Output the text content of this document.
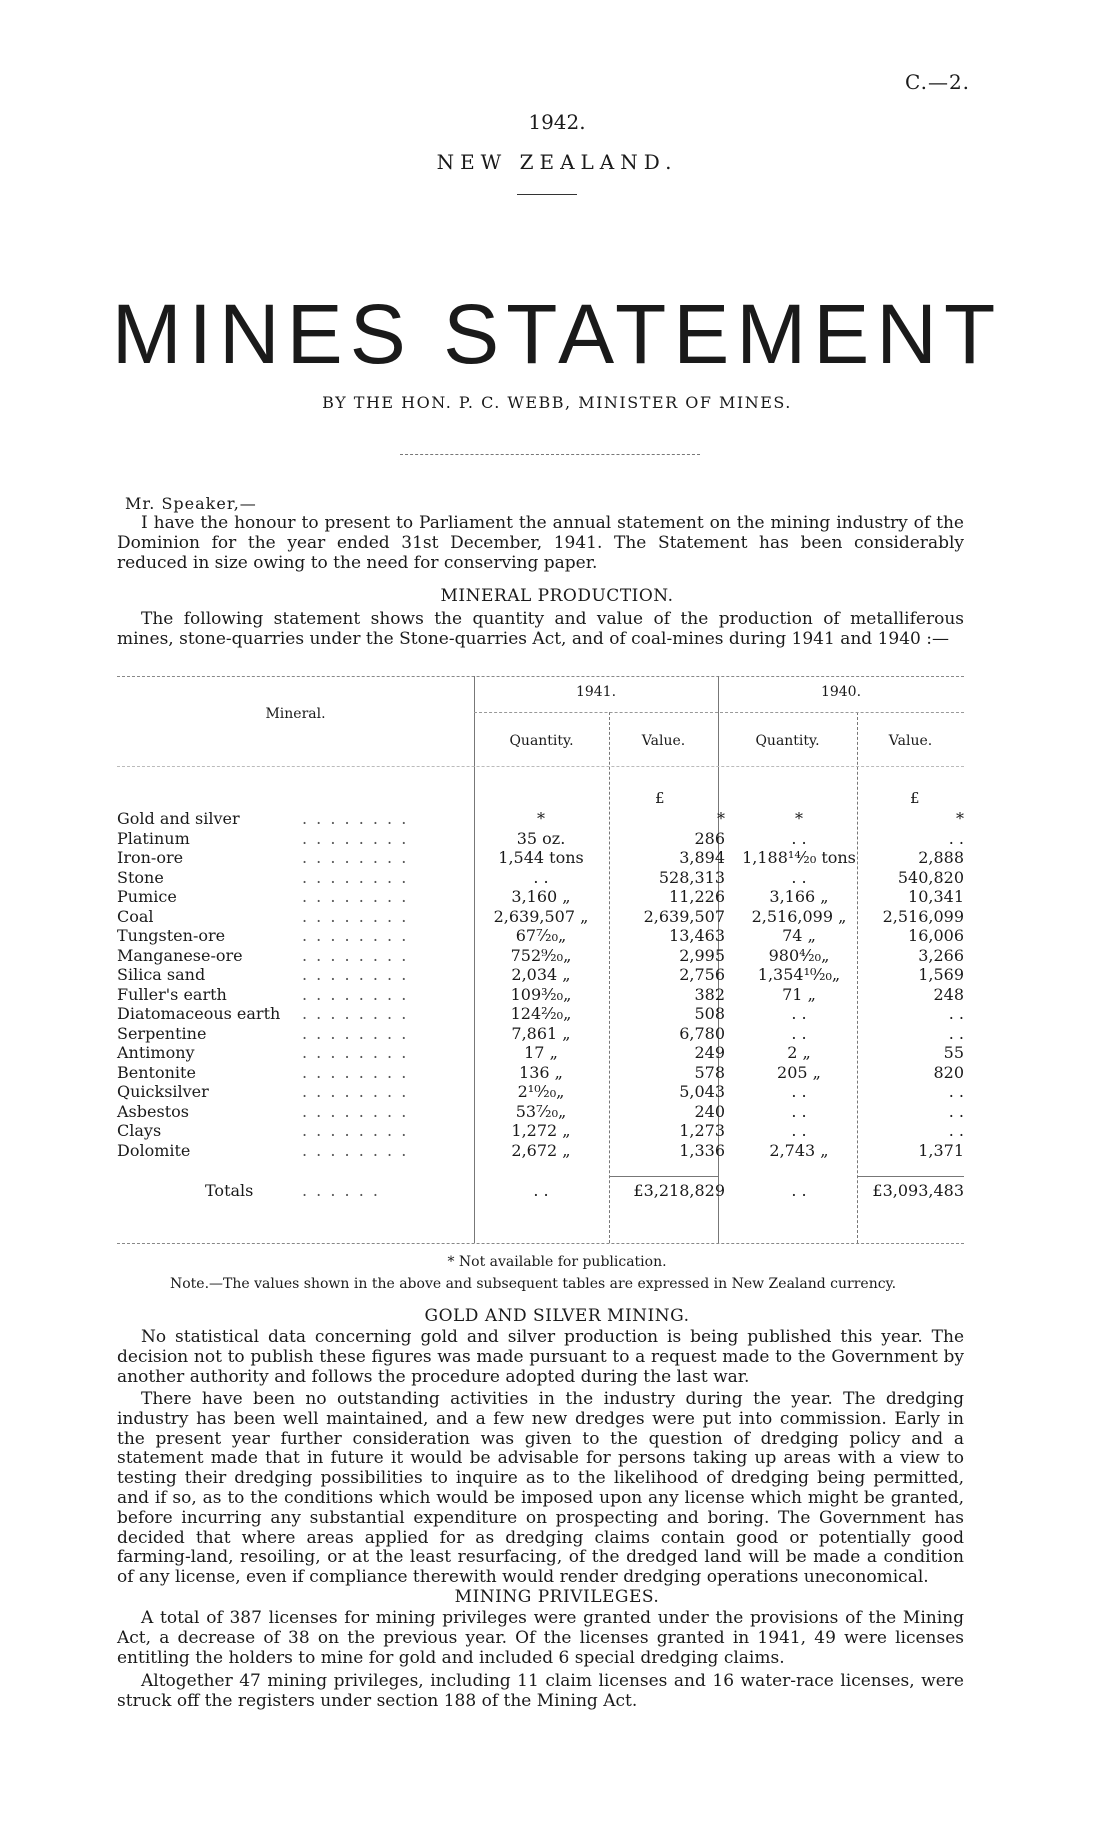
C.—2.
1942.
NEW ZEALAND.
MINES STATEMENT
BY THE HON. P. C. WEBB, MINISTER OF MINES.
Mr. Speaker,—

I have the honour to present to Parliament the annual statement on the mining industry of the Dominion for the year ended 31st December, 1941. The Statement has been considerably reduced in size owing to the need for conserving paper.

MINERAL PRODUCTION.

The following statement shows the quantity and value of the production of metalliferous mines, stone-quarries under the Stone-quarries Act, and of coal-mines during 1941 and 1940 :—

Mineral.
1941.	1940.
Quantity.	Value.	Quantity.	Value.
£	£
Gold and silver	. . . . . . . .	*	*	*	*
Platinum	. . . . . . . .	35 oz.	286	. .	. .
Iron-ore	. . . . . . . .	1,544 tons	3,894	1,188¹⁴⁄₂₀ tons	2,888
Stone	. . . . . . . .	. .	528,313	. .	540,820
Pumice	. . . . . . . .	3,160 „	11,226	3,166 „	10,341
Coal	. . . . . . . .	2,639,507 „	2,639,507	2,516,099 „	2,516,099
Tungsten-ore	. . . . . . . .	67⁷⁄₂₀„	13,463	74 „	16,006
Manganese-ore	. . . . . . . .	752⁹⁄₂₀„	2,995	980⁴⁄₂₀„	3,266
Silica sand	. . . . . . . .	2,034 „	2,756	1,354¹⁰⁄₂₀„	1,569
Fuller's earth	. . . . . . . .	109³⁄₂₀„	382	71 „	248
Diatomaceous earth . . . . . . . .	124²⁄₂₀„	508	. .	. .
Serpentine	. . . . . . . .	7,861 „	6,780	. .	. .
Antimony	. . . . . . . .	17 „	249	2 „	55
Bentonite	. . . . . . . .	136 „	578	205 „	820
Quicksilver	. . . . . . . .	2¹⁰⁄₂₀„	5,043	. .	. .
Asbestos	. . . . . . . .	53⁷⁄₂₀„	240	. .	. .
Clays	. . . . . . . .	1,272 „	1,273	. .	. .
Dolomite	. . . . . . . .	2,672 „	1,336	2,743 „	1,371
Totals	. . . . . .	. .	£3,218,829	. .	£3,093,483
* Not available for publication.
Note.—The values shown in the above and subsequent tables are expressed in New Zealand currency.
GOLD AND SILVER MINING.

No statistical data concerning gold and silver production is being published this year. The decision not to publish these figures was made pursuant to a request made to the Government by another authority and follows the procedure adopted during the last war.

There have been no outstanding activities in the industry during the year. The dredging industry has been well maintained, and a few new dredges were put into commission. Early in the present year further consideration was given to the question of dredging policy and a statement made that in future it would be advisable for persons taking up areas with a view to testing their dredging possibilities to inquire as to the likelihood of dredging being permitted, and if so, as to the conditions which would be imposed upon any license which might be granted, before incurring any substantial expenditure on prospecting and boring. The Government has decided that where areas applied for as dredging claims contain good or potentially good farming-land, resoiling, or at the least resurfacing, of the dredged land will be made a condition of any license, even if compliance therewith would render dredging operations uneconomical.

MINING PRIVILEGES.

A total of 387 licenses for mining privileges were granted under the provisions of the Mining Act, a decrease of 38 on the previous year. Of the licenses granted in 1941, 49 were licenses entitling the holders to mine for gold and included 6 special dredging claims.

Altogether 47 mining privileges, including 11 claim licenses and 16 water-race licenses, were struck off the registers under section 188 of the Mining Act.
